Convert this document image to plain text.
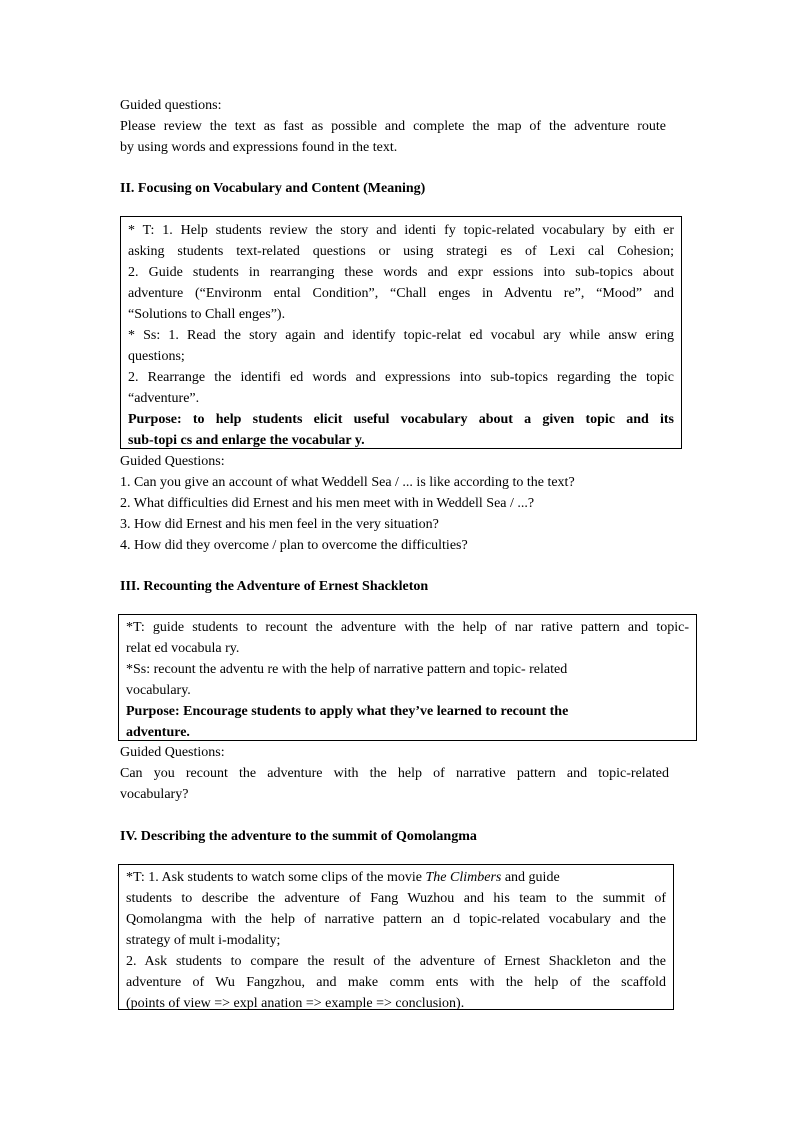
Guided questions:
Please review the text as fast as possible and complete the map of the adventure route
by using words and expressions found in the text.
II. Focusing on Vocabulary and Content (Meaning)
* T: 1. Help students review the story and identi fy topic-related vocabulary by eith er
asking students text-related questions or using strategi es of Lexi cal Cohesion;
2. Guide students in rearranging these words and expr essions into sub-topics about
adventure (“Environm ental Condition”, “Chall enges in Adventu re”, “Mood” and
“Solutions to Chall enges”).
* Ss: 1. Read the story again and identify topic-relat ed vocabul ary while answ ering
questions;
2. Rearrange the identifi ed words and expressions into sub-topics regarding the topic
“adventure”.
Purpose: to help students elicit useful vocabulary about a given topic and its
sub-topi cs and enlarge the vocabular y.
Guided Questions:
1. Can you give an account of what Weddell Sea / ... is like according to the text?
2. What difficulties did Ernest and his men meet with in Weddell Sea / ...?
3. How did Ernest and his men feel in the very situation?
4. How did they overcome / plan to overcome the difficulties?
III. Recounting the Adventure of Ernest Shackleton
*T: guide students to recount the adventure with the help of nar rative pattern and topic-
relat ed vocabula ry.
*Ss: recount the adventu re with the help of narrative pattern and topic- related
vocabulary.
Purpose: Encourage students to apply what they’ve learned to recount the
adventure.
Guided Questions:
Can you recount the adventure with the help of narrative pattern and topic-related
vocabulary?
IV. Describing the adventure to the summit of Qomolangma
*T: 1. Ask students to watch some clips of the movie The Climbers and guide
students to describe the adventure of Fang Wuzhou and his team to the summit of
Qomolangma with the help of narrative pattern an d topic-related vocabulary and the
strategy of mult i-modality;
2. Ask students to compare the result of the adventure of Ernest Shackleton and the
adventure of Wu Fangzhou, and make comm ents with the help of the scaffold
(points of view => expl anation => example => conclusion).
